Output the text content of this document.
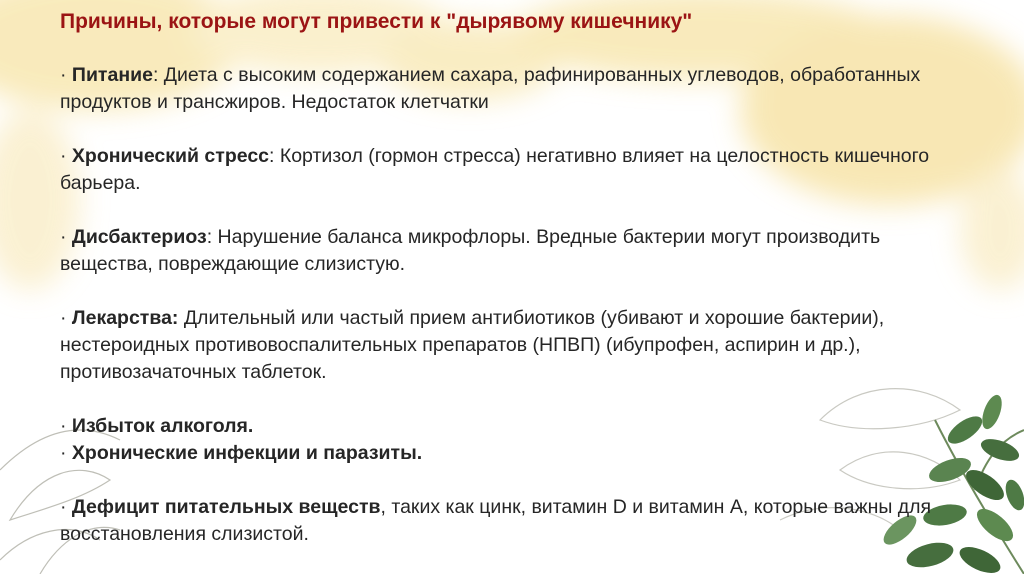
Причины, которые могут привести к "дырявому кишечнику"
· Питание: Диета с высоким содержанием сахара, рафинированных углеводов, обработанных продуктов и трансжиров. Недостаток клетчатки
· Хронический стресс: Кортизол (гормон стресса) негативно влияет на целостность кишечного барьера.
· Дисбактериоз: Нарушение баланса микрофлоры. Вредные бактерии могут производить вещества, повреждающие слизистую.
· Лекарства: Длительный или частый прием антибиотиков (убивают и хорошие бактерии), нестероидных противовоспалительных препаратов (НПВП) (ибупрофен, аспирин и др.), противозачаточных таблеток.
· Избыток алкоголя.
· Хронические инфекции и паразиты.
· Дефицит питательных веществ, таких как цинк, витамин D и витамин A, которые важны для восстановления слизистой.
